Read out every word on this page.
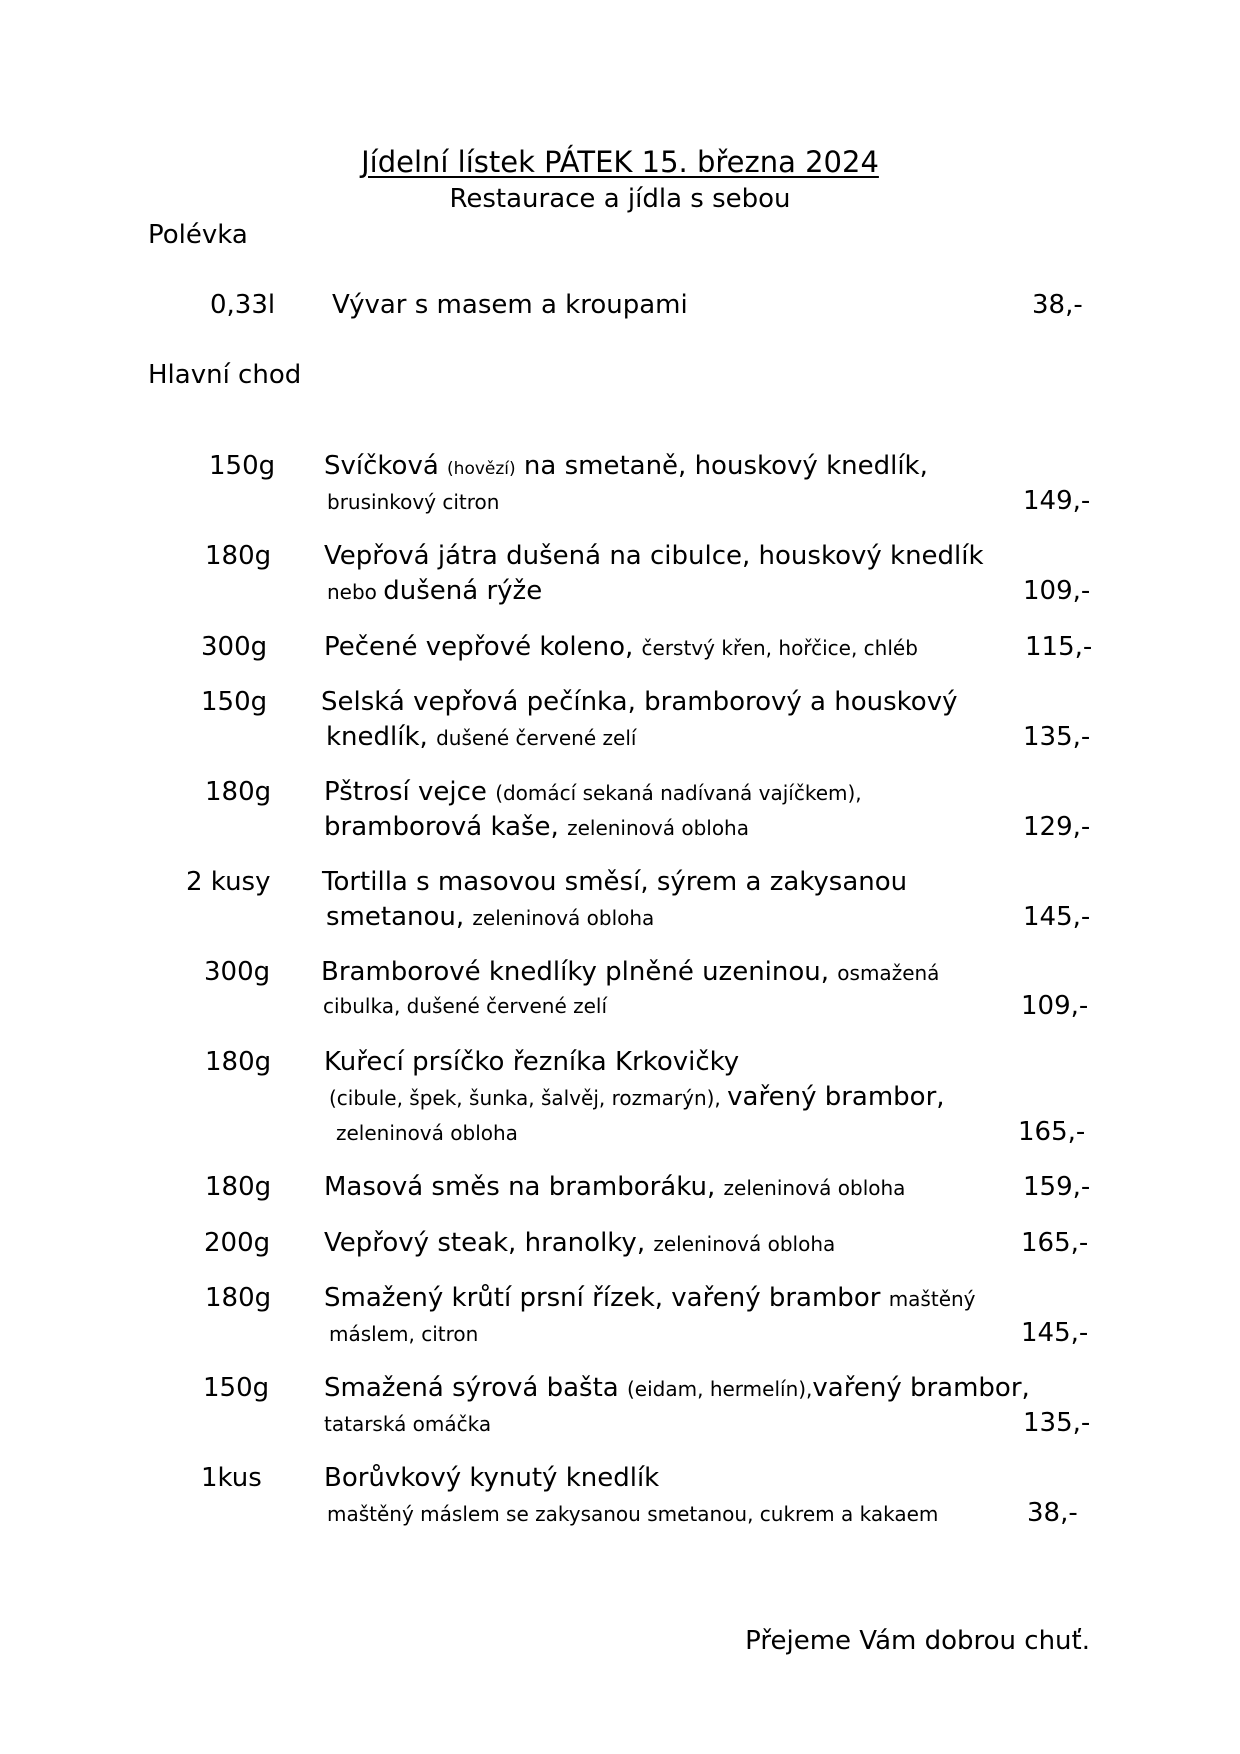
Jídelní lístek PÁTEK 15. března 2024
Restaurace a jídla s sebou
Polévka
0,33l Vývar s masem a kroupami	38,-
Hlavní chod
150g Svíčková (hovězí) na smetaně, houskový knedlík,
brusinkový citron	149,-
180g Vepřová játra dušená na cibulce, houskový knedlík
nebo dušená rýže	109,-
300g Pečené vepřové koleno, čerstvý křen, hořčice, chléb	115,-
150g Selská vepřová pečínka, bramborový a houskový
knedlík, dušené červené zelí	135,-
180g Pštrosí vejce (domácí sekaná nadívaná vajíčkem),
bramborová kaše, zeleninová obloha	129,-
2 kusy Tortilla s masovou směsí, sýrem a zakysanou
smetanou, zeleninová obloha	145,-
300g Bramborové knedlíky plněné uzeninou, osmažená
cibulka, dušené červené zelí	109,-
180g Kuřecí prsíčko řezníka Krkovičky
(cibule, špek, šunka, šalvěj, rozmarýn), vařený brambor,
zeleninová obloha	165,-
180g Masová směs na bramboráku, zeleninová obloha	159,-
200g Vepřový steak, hranolky, zeleninová obloha	165,-
180g Smažený krůtí prsní řízek, vařený brambor maštěný
máslem, citron	145,-
150g Smažená sýrová bašta (eidam, hermelín),vařený brambor,
tatarská omáčka	135,-
1kus Borůvkový kynutý knedlík
maštěný máslem se zakysanou smetanou, cukrem a kakaem	38,-
Přejeme Vám dobrou chuť.
